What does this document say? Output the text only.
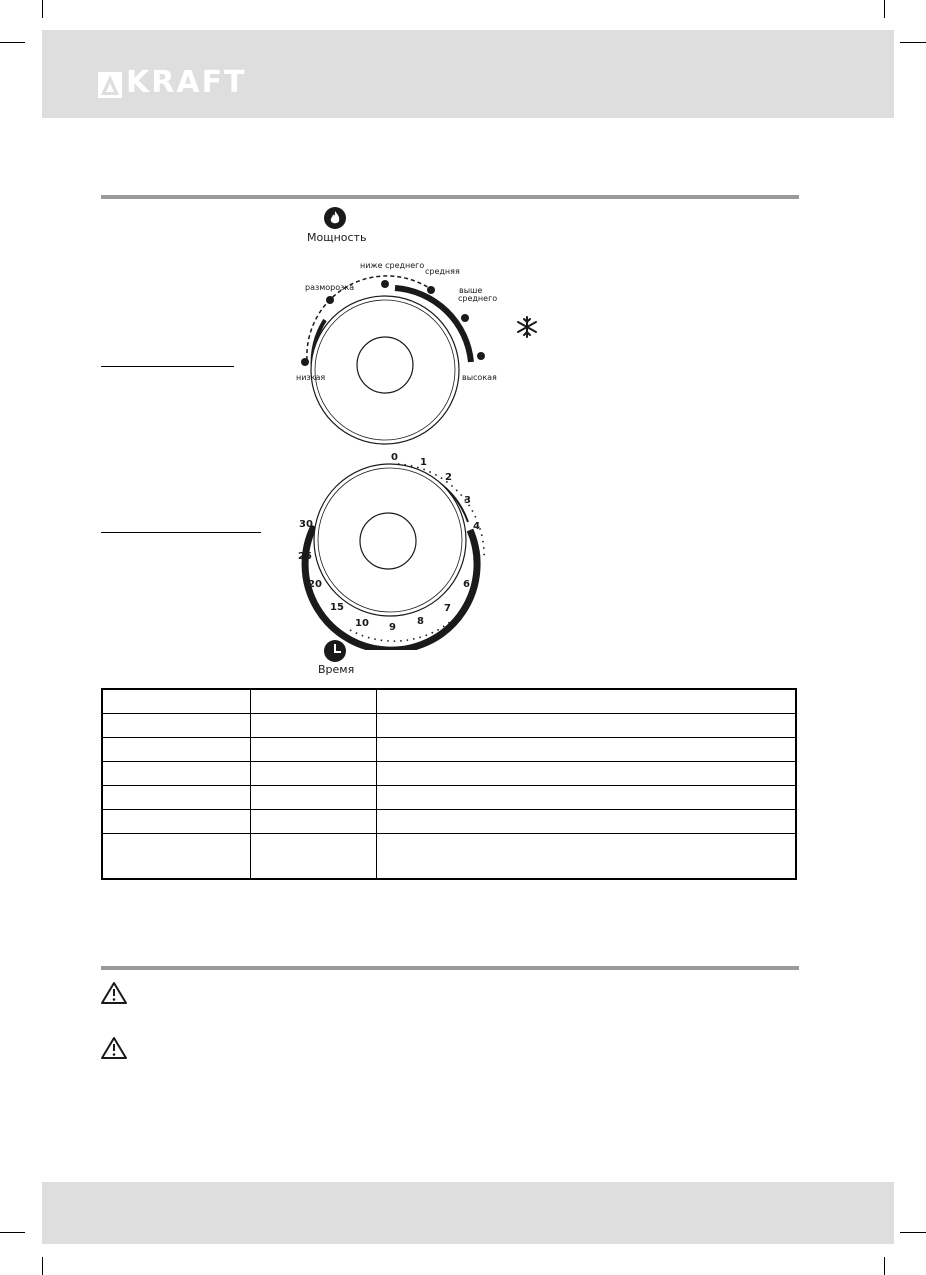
KRAFT
Мощность
ниже среднего
разморозка
средняя
выше
среднего
низкая	высокая
0 1
2
3
4
5
6
7
8
9
10
15
20
25
30
Время
